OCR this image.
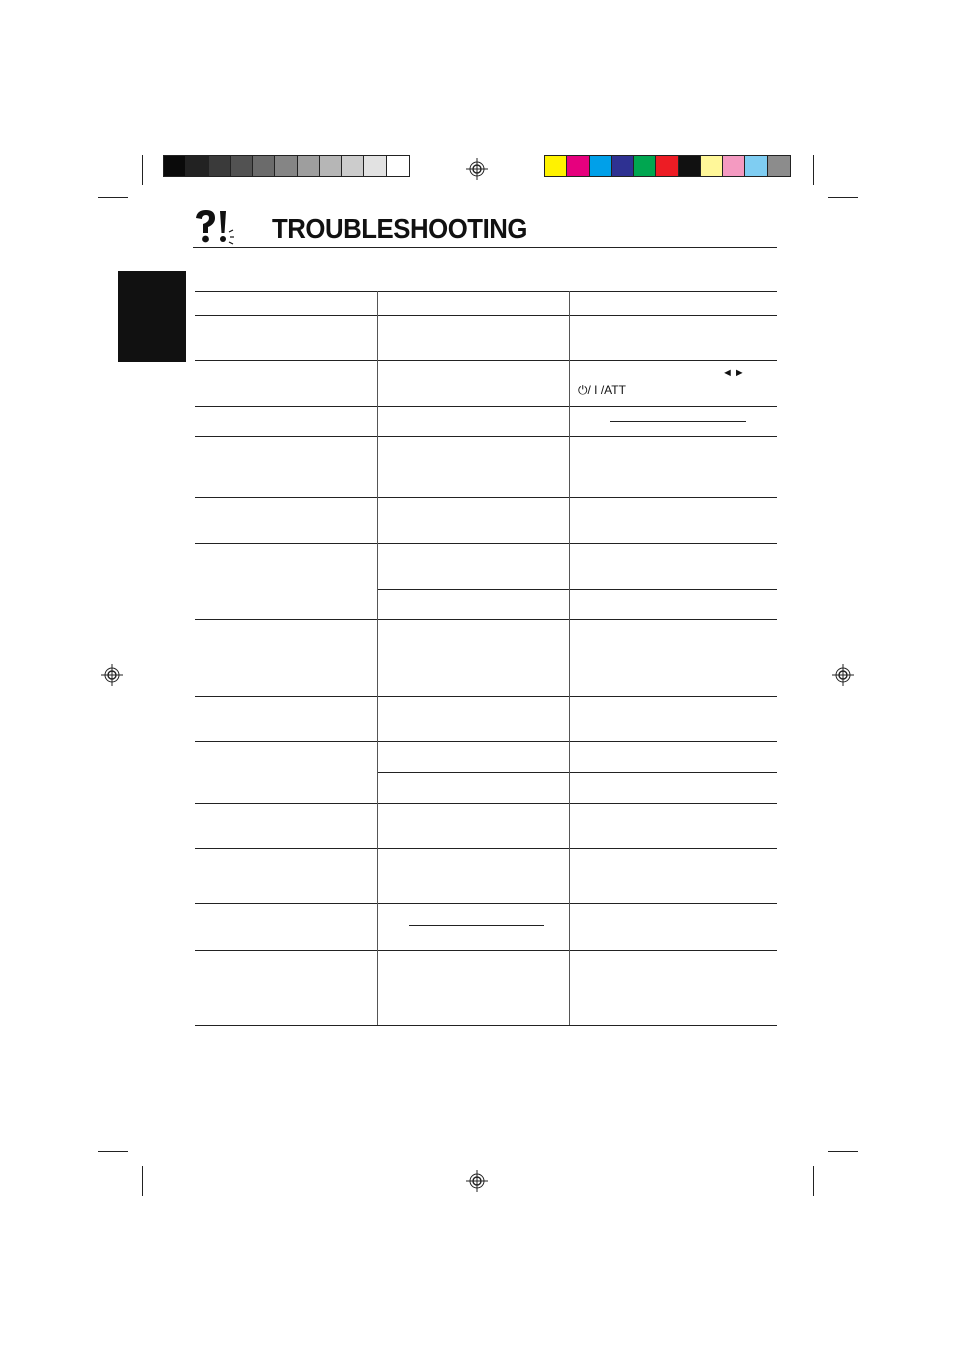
TROUBLESHOOTING
◄►
⏻/ I /ATT
